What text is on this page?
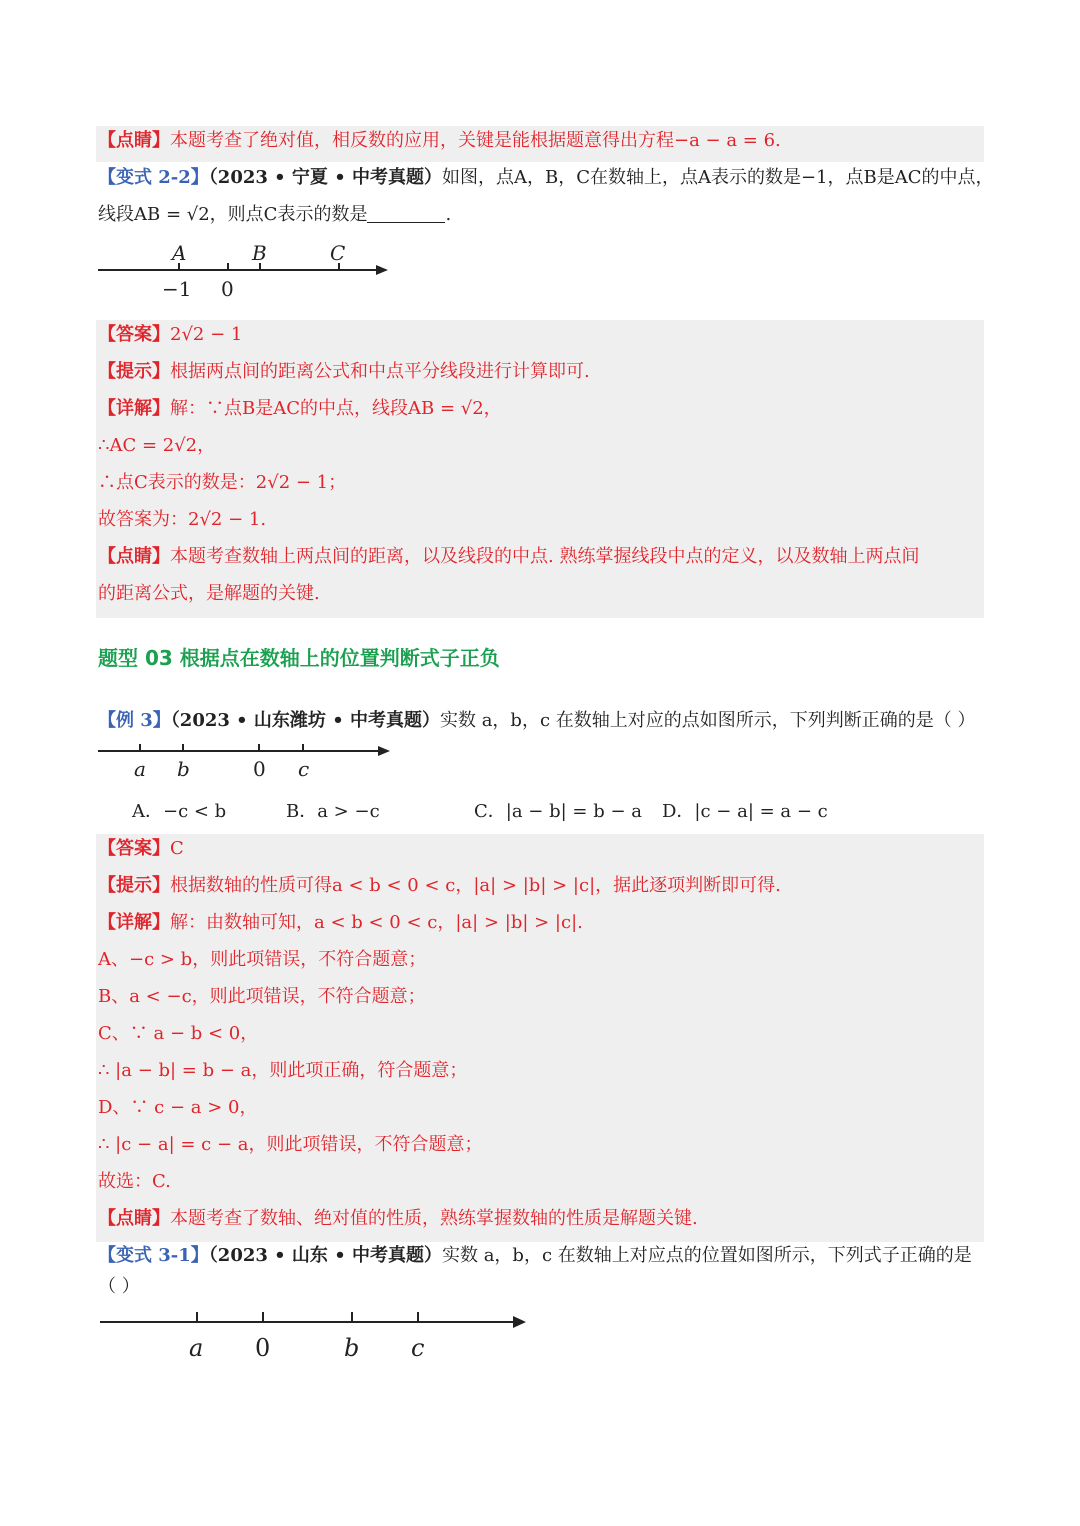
【点睛】本题考查了绝对值，相反数的应用，关键是能根据题意得出方程−a − a = 6.
【变式 2-2】（2023 • 宁夏 • 中考真题）如图，点A，B，C在数轴上，点A表示的数是−1，点B是AC的中点，
线段AB = √2，则点C表示的数是	.
A	B	C
−1 0
【答案】2√2 − 1
【提示】根据两点间的距离公式和中点平分线段进行计算即可.
【详解】解：∵点B是AC的中点，线段AB = √2，
∴AC = 2√2，
∴点C表示的数是：2√2 − 1；
故答案为：2√2 − 1.
【点睛】本题考查数轴上两点间的距离，以及线段的中点. 熟练掌握线段中点的定义，以及数轴上两点间
的距离公式，是解题的关键.
题型 03 根据点在数轴上的位置判断式子正负
【例 3】（2023 • 山东潍坊 • 中考真题）实数 a，b，c 在数轴上对应的点如图所示，下列判断正确的是（ ）
a b	0 c
A．−c < b	B．a > −c	C．|a − b| = b − a D．|c − a| = a − c
【答案】C
【提示】根据数轴的性质可得a < b < 0 < c，|a| > |b| > |c|，据此逐项判断即可得.
【详解】解：由数轴可知，a < b < 0 < c，|a| > |b| > |c|.
A、−c > b，则此项错误，不符合题意；
B、a < −c，则此项错误，不符合题意；
C、∵ a − b < 0，
∴ |a − b| = b − a，则此项正确，符合题意；
D、∵ c − a > 0，
∴ |c − a| = c − a，则此项错误，不符合题意；
故选：C.
【点睛】本题考查了数轴、绝对值的性质，熟练掌握数轴的性质是解题关键.
【变式 3-1】（2023 • 山东 • 中考真题）实数 a，b，c 在数轴上对应点的位置如图所示，下列式子正确的是
（ ）
a 0	b c
